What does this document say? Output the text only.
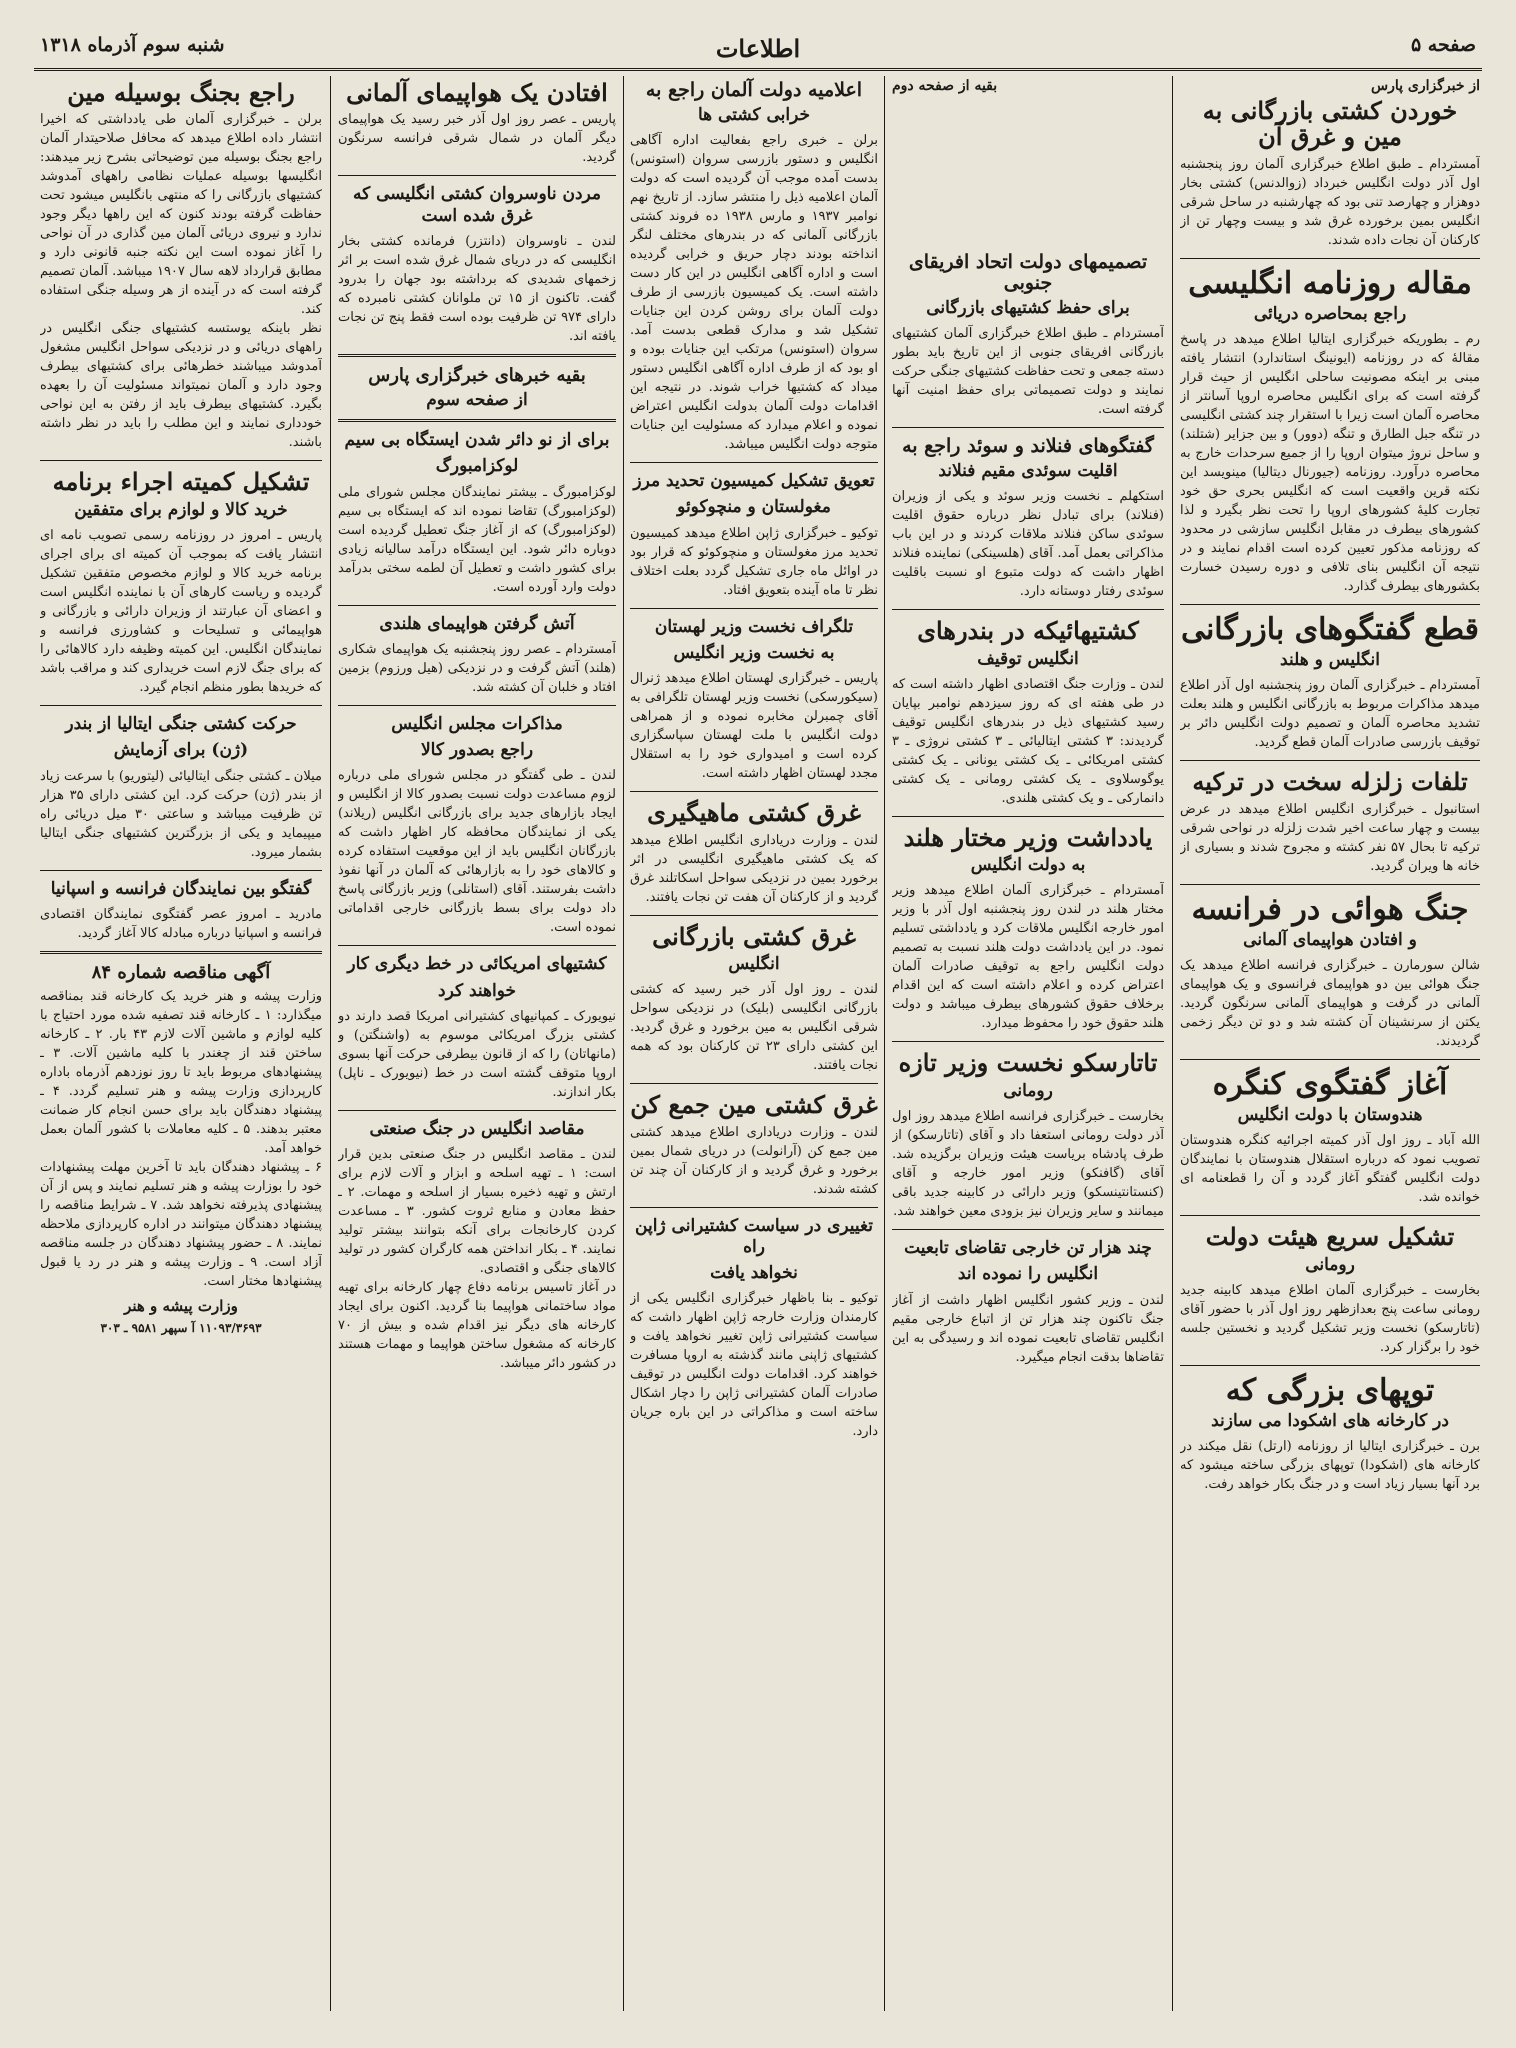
صفحه ۵
اطلاعات
شنبه سوم آذرماه ۱۳۱۸
از خبرگزاری پارس
خوردن کشتی بازرگانی به مین و غرق آن

آمستردام ـ طبق اطلاع خبرگزاری آلمان روز پنجشنبه اول آذر دولت انگلیس خبرداد (زوالدنس) کشتی بخار دوهزار و چهارصد تنی بود که چهارشنبه در ساحل شرقی انگلیس بمین برخورده غرق شد و بیست وچهار تن از کارکنان آن نجات داده شدند.

مقاله روزنامه انگلیسی
راجع بمحاصره دریائی

رم ـ بطوریکه خبرگزاری ایتالیا اطلاع میدهد در پاسخ مقالهٔ که در روزنامه (ایونینگ استاندارد) انتشار یافته مبنی بر اینکه مصونیت ساحلی انگلیس از حیث قرار گرفته است که برای انگلیس محاصره اروپا آسانتر از محاصره آلمان است زیرا با استقرار چند کشتی انگلیسی در تنگه جبل الطارق و تنگه (دوور) و بین جزایر (شتلند) و ساحل نروژ میتوان اروپا را از جمیع سرحدات خارج به محاصره درآورد. روزنامه (جیورنال دیتالیا) مینویسد این نکته قرین واقعیت است که انگلیس بحری حق خود تجارت کلیهٔ کشورهای اروپا را تحت نظر بگیرد و لذا کشورهای بیطرف در مقابل انگلیس سازشی در محدود که روزنامه مذکور تعیین کرده است اقدام نمایند و در نتیجه آن انگلیس بنای تلافی و دوره رسیدن خسارت بکشورهای بیطرف گذارد.

قطع گفتگوهای بازرگانی
انگلیس و هلند

آمستردام ـ خبرگزاری آلمان روز پنجشنبه اول آذر اطلاع میدهد مذاکرات مربوط به بازرگانی انگلیس و هلند بعلت تشدید محاصره آلمان و تصمیم دولت انگلیس دائر بر توقیف بازرسی صادرات آلمان قطع گردید.

تلفات زلزله سخت در ترکیه

استانبول ـ خبرگزاری انگلیس اطلاع میدهد در عرض بیست و چهار ساعت اخیر شدت زلزله در نواحی شرقی ترکیه تا بحال ۵۷ نفر کشته و مجروح شدند و بسیاری از خانه ها ویران گردید.

جنگ هوائی در فرانسه
و افتادن هواپیمای آلمانی

شالن سورمارن ـ خبرگزاری فرانسه اطلاع میدهد یک جنگ هوائی بین دو هواپیمای فرانسوی و یک هواپیمای آلمانی در گرفت و هواپیمای آلمانی سرنگون گردید. یکتن از سرنشینان آن کشته شد و دو تن دیگر زخمی گردیدند.

آغاز گفتگوی کنگره
هندوستان با دولت انگلیس

الله آباد ـ روز اول آذر کمیته اجرائیه کنگره هندوستان تصویب نمود که درباره استقلال هندوستان با نمایندگان دولت انگلیس گفتگو آغاز گردد و آن را قطعنامه ای خوانده شد.

تشکیل سریع هیئت دولت
رومانی

بخارست ـ خبرگزاری آلمان اطلاع میدهد کابینه جدید رومانی ساعت پنج بعدازظهر روز اول آذر با حضور آقای (تاتارسکو) نخست وزیر تشکیل گردید و نخستین جلسه خود را برگزار کرد.

توپهای بزرگی که
در کارخانه های اشکودا می سازند

برن ـ خبرگزاری ایتالیا از روزنامه (ارتل) نقل میکند در کارخانه های (اشکودا) توپهای بزرگی ساخته میشود که برد آنها بسیار زیاد است و در جنگ بکار خواهد رفت.

بقیه از صفحه دوم
تصمیمهای دولت اتحاد افریقای جنوبی
برای حفظ کشتیهای بازرگانی

آمستردام ـ طبق اطلاع خبرگزاری آلمان کشتیهای بازرگانی افریقای جنوبی از این تاریخ باید بطور دسته جمعی و تحت حفاظت کشتیهای جنگی حرکت نمایند و دولت تصمیماتی برای حفظ امنیت آنها گرفته است.

گفتگوهای فنلاند و سوئد راجع به
اقلیت سوئدی مقیم فنلاند

استکهلم ـ نخست وزیر سوئد و یکی از وزیران (فنلاند) برای تبادل نظر درباره حقوق اقلیت سوئدی ساکن فنلاند ملاقات کردند و در این باب مذاکراتی بعمل آمد. آقای (هلسینکی) نماینده فنلاند اظهار داشت که دولت متبوع او نسبت باقلیت سوئدی رفتار دوستانه دارد.

کشتیهائیکه در بندرهای
انگلیس توقیف

لندن ـ وزارت جنگ اقتصادی اظهار داشته است که در طی هفته ای که روز سیزدهم نوامبر بپایان رسید کشتیهای ذیل در بندرهای انگلیس توقیف گردیدند: ۳ کشتی ایتالیائی ـ ۳ کشتی نروژی ـ ۳ کشتی امریکائی ـ یک کشتی یونانی ـ یک کشتی یوگوسلاوی ـ یک کشتی رومانی ـ یک کشتی دانمارکی ـ و یک کشتی هلندی.

یادداشت وزیر مختار هلند
به دولت انگلیس

آمستردام ـ خبرگزاری آلمان اطلاع میدهد وزیر مختار هلند در لندن روز پنجشنبه اول آذر با وزیر امور خارجه انگلیس ملاقات کرد و یادداشتی تسلیم نمود. در این یادداشت دولت هلند نسبت به تصمیم دولت انگلیس راجع به توقیف صادرات آلمان اعتراض کرده و اعلام داشته است که این اقدام برخلاف حقوق کشورهای بیطرف میباشد و دولت هلند حقوق خود را محفوظ میدارد.

تاتارسکو نخست وزیر تازه
رومانی

بخارست ـ خبرگزاری فرانسه اطلاع میدهد روز اول آذر دولت رومانی استعفا داد و آقای (تاتارسکو) از طرف پادشاه بریاست هیئت وزیران برگزیده شد. آقای (گافنکو) وزیر امور خارجه و آقای (کنستانتینسکو) وزیر دارائی در کابینه جدید باقی میمانند و سایر وزیران نیز بزودی معین خواهند شد.

چند هزار تن خارجی تقاضای تابعیت
انگلیس را نموده اند

لندن ـ وزیر کشور انگلیس اظهار داشت از آغاز جنگ تاکنون چند هزار تن از اتباع خارجی مقیم انگلیس تقاضای تابعیت نموده اند و رسیدگی به این تقاضاها بدقت انجام میگیرد.

اعلامیه دولت آلمان راجع به
خرابی کشتی ها

برلن ـ خبری راجع بفعالیت اداره آگاهی انگلیس و دستور بازرسی سروان (استونس) بدست آمده موجب آن گردیده است که دولت آلمان اعلامیه ذیل را منتشر سازد. از تاریخ نهم نوامبر ۱۹۳۷ و مارس ۱۹۳۸ ده فروند کشتی بازرگانی آلمانی که در بندرهای مختلف لنگر انداخته بودند دچار حریق و خرابی گردیده است و اداره آگاهی انگلیس در این کار دست داشته است. یک کمیسیون بازرسی از طرف دولت آلمان برای روشن کردن این جنایات تشکیل شد و مدارک قطعی بدست آمد. سروان (استونس) مرتکب این جنایات بوده و او بود که از طرف اداره آگاهی انگلیس دستور میداد که کشتیها خراب شوند. در نتیجه این اقدامات دولت آلمان بدولت انگلیس اعتراض نموده و اعلام میدارد که مسئولیت این جنایات متوجه دولت انگلیس میباشد.

تعویق تشکیل کمیسیون تحدید مرز
مغولستان و منچوکوئو

توکیو ـ خبرگزاری ژاپن اطلاع میدهد کمیسیون تحدید مرز مغولستان و منچوکوئو که قرار بود در اوائل ماه جاری تشکیل گردد بعلت اختلاف نظر تا ماه آینده بتعویق افتاد.

تلگراف نخست وزیر لهستان
به نخست وزیر انگلیس

پاریس ـ خبرگزاری لهستان اطلاع میدهد ژنرال (سیکورسکی) نخست وزیر لهستان تلگرافی به آقای چمبرلن مخابره نموده و از همراهی دولت انگلیس با ملت لهستان سپاسگزاری کرده است و امیدواری خود را به استقلال مجدد لهستان اظهار داشته است.

غرق کشتی ماهیگیری

لندن ـ وزارت دریاداری انگلیس اطلاع میدهد که یک کشتی ماهیگیری انگلیسی در اثر برخورد بمین در نزدیکی سواحل اسکاتلند غرق گردید و از کارکنان آن هفت تن نجات یافتند.

غرق کشتی بازرگانی
انگلیس

لندن ـ روز اول آذر خبر رسید که کشتی بازرگانی انگلیسی (بلیک) در نزدیکی سواحل شرقی انگلیس به مین برخورد و غرق گردید. این کشتی دارای ۲۳ تن کارکنان بود که همه نجات یافتند.

غرق کشتی مین جمع کن

لندن ـ وزارت دریاداری اطلاع میدهد کشتی مین جمع کن (آرانولت) در دریای شمال بمین برخورد و غرق گردید و از کارکنان آن چند تن کشته شدند.

تغییری در سیاست کشتیرانی ژاپن راه
نخواهد یافت

توکیو ـ بنا باظهار خبرگزاری انگلیس یکی از کارمندان وزارت خارجه ژاپن اظهار داشت که سیاست کشتیرانی ژاپن تغییر نخواهد یافت و کشتیهای ژاپنی مانند گذشته به اروپا مسافرت خواهند کرد. اقدامات دولت انگلیس در توقیف صادرات آلمان کشتیرانی ژاپن را دچار اشکال ساخته است و مذاکراتی در این باره جریان دارد.

افتادن یک هواپیمای آلمانی

پاریس ـ عصر روز اول آذر خبر رسید یک هواپیمای دیگر آلمان در شمال شرقی فرانسه سرنگون گردید.

مردن ناوسروان کشتی انگلیسی که غرق شده است

لندن ـ ناوسروان (دانتزر) فرمانده کشتی بخار انگلیسی که در دریای شمال غرق شده است بر اثر زخمهای شدیدی که برداشته بود جهان را بدرود گفت. تاکنون از ۱۵ تن ملوانان کشتی نامبرده که دارای ۹۷۴ تن ظرفیت بوده است فقط پنج تن نجات یافته اند.

بقیه خبرهای خبرگزاری پارس
از صفحه سوم
برای از نو دائر شدن ایستگاه بی سیم
لوکزامبورگ

لوکزامبورگ ـ بیشتر نمایندگان مجلس شورای ملی (لوکزامبورگ) تقاضا نموده اند که ایستگاه بی سیم (لوکزامبورگ) که از آغاز جنگ تعطیل گردیده است دوباره دائر شود. این ایستگاه درآمد سالیانه زیادی برای کشور داشت و تعطیل آن لطمه سختی بدرآمد دولت وارد آورده است.

آتش گرفتن هواپیمای هلندی

آمستردام ـ عصر روز پنجشنبه یک هواپیمای شکاری (هلند) آتش گرفت و در نزدیکی (هیل ورزوم) بزمین افتاد و خلبان آن کشته شد.

مذاکرات مجلس انگلیس
راجع بصدور کالا

لندن ـ طی گفتگو در مجلس شورای ملی درباره لزوم مساعدت دولت نسبت بصدور کالا از انگلیس و ایجاد بازارهای جدید برای بازرگانی انگلیس (ریلاند) یکی از نمایندگان محافظه کار اظهار داشت که بازرگانان انگلیس باید از این موقعیت استفاده کرده و کالاهای خود را به بازارهائی که آلمان در آنها نفوذ داشت بفرستند. آقای (استانلی) وزیر بازرگانی پاسخ داد دولت برای بسط بازرگانی خارجی اقداماتی نموده است.

کشتیهای امریکائی در خط دیگری کار
خواهند کرد

نیویورک ـ کمپانیهای کشتیرانی امریکا قصد دارند دو کشتی بزرگ امریکائی موسوم به (واشنگتن) و (مانهاتان) را که از قانون بیطرفی حرکت آنها بسوی اروپا متوقف گشته است در خط (نیویورک ـ ناپل) بکار اندازند.

مقاصد انگلیس در جنگ صنعتی

لندن ـ مقاصد انگلیس در جنگ صنعتی بدین قرار است: ۱ ـ تهیه اسلحه و ابزار و آلات لازم برای ارتش و تهیه ذخیره بسیار از اسلحه و مهمات. ۲ ـ حفظ معادن و منابع ثروت کشور. ۳ ـ مساعدت کردن کارخانجات برای آنکه بتوانند بیشتر تولید نمایند. ۴ ـ بکار انداختن همه کارگران کشور در تولید کالاهای جنگی و اقتصادی.

در آغاز تاسیس برنامه دفاع چهار کارخانه برای تهیه مواد ساختمانی هواپیما بنا گردید. اکنون برای ایجاد کارخانه های دیگر نیز اقدام شده و بیش از ۷۰ کارخانه که مشغول ساختن هواپیما و مهمات هستند در کشور دائر میباشد.

راجع بجنگ بوسیله مین

برلن ـ خبرگزاری آلمان طی یادداشتی که اخیرا انتشار داده اطلاع میدهد که محافل صلاحیتدار آلمان راجع بجنگ بوسیله مین توضیحاتی بشرح زیر میدهند: انگلیسها بوسیله عملیات نظامی راههای آمدوشد کشتیهای بازرگانی را که منتهی بانگلیس میشود تحت حفاظت گرفته بودند کنون که این راهها دیگر وجود ندارد و نیروی دریائی آلمان مین گذاری در آن نواحی را آغاز نموده است این نکته جنبه قانونی دارد و مطابق قرارداد لاهه سال ۱۹۰۷ میباشد. آلمان تصمیم گرفته است که در آینده از هر وسیله جنگی استفاده کند.

نظر باینکه یوستسه کشتیهای جنگی انگلیس در راههای دریائی و در نزدیکی سواحل انگلیس مشغول آمدوشد میباشند خطرهائی برای کشتیهای بیطرف وجود دارد و آلمان نمیتواند مسئولیت آن را بعهده بگیرد. کشتیهای بیطرف باید از رفتن به این نواحی خودداری نمایند و این مطلب را باید در نظر داشته باشند.

تشکیل کمیته اجراء برنامه
خرید کالا و لوازم برای متفقین

پاریس ـ امروز در روزنامه رسمی تصویب نامه ای انتشار یافت که بموجب آن کمیته ای برای اجرای برنامه خرید کالا و لوازم مخصوص متفقین تشکیل گردیده و ریاست کارهای آن با نماینده انگلیس است و اعضای آن عبارتند از وزیران دارائی و بازرگانی و هواپیمائی و تسلیحات و کشاورزی فرانسه و نمایندگان انگلیس. این کمیته وظیفه دارد کالاهائی را که برای جنگ لازم است خریداری کند و مراقب باشد که خریدها بطور منظم انجام گیرد.

حرکت کشتی جنگی ایتالیا از بندر
(ژن) برای آزمایش

میلان ـ کشتی جنگی ایتالیائی (لیتوریو) با سرعت زیاد از بندر (ژن) حرکت کرد. این کشتی دارای ۳۵ هزار تن ظرفیت میباشد و ساعتی ۳۰ میل دریائی راه میپیماید و یکی از بزرگترین کشتیهای جنگی ایتالیا بشمار میرود.

گفتگو بین نمایندگان فرانسه و اسپانیا

مادرید ـ امروز عصر گفتگوی نمایندگان اقتصادی فرانسه و اسپانیا درباره مبادله کالا آغاز گردید.

آگهی مناقصه شماره ۸۴

وزارت پیشه و هنر خرید یک کارخانه قند بمناقصه میگذارد: ۱ ـ کارخانه قند تصفیه شده مورد احتیاج با کلیه لوازم و ماشین آلات لازم ۴۳ بار. ۲ ـ کارخانه ساختن قند از چغندر با کلیه ماشین آلات. ۳ ـ پیشنهادهای مربوط باید تا روز نوزدهم آذرماه باداره کارپردازی وزارت پیشه و هنر تسلیم گردد. ۴ ـ پیشنهاد دهندگان باید برای حسن انجام کار ضمانت معتبر بدهند. ۵ ـ کلیه معاملات با کشور آلمان بعمل خواهد آمد.

۶ ـ پیشنهاد دهندگان باید تا آخرین مهلت پیشنهادات خود را بوزارت پیشه و هنر تسلیم نمایند و پس از آن پیشنهادی پذیرفته نخواهد شد. ۷ ـ شرایط مناقصه را پیشنهاد دهندگان میتوانند در اداره کارپردازی ملاحظه نمایند. ۸ ـ حضور پیشنهاد دهندگان در جلسه مناقصه آزاد است. ۹ ـ وزارت پیشه و هنر در رد یا قبول پیشنهادها مختار است.

وزارت پیشه و هنر
۱۱۰۹۳/۳۶۹۳ آ سپهر ۹۵۸۱ ـ ۳۰۳
